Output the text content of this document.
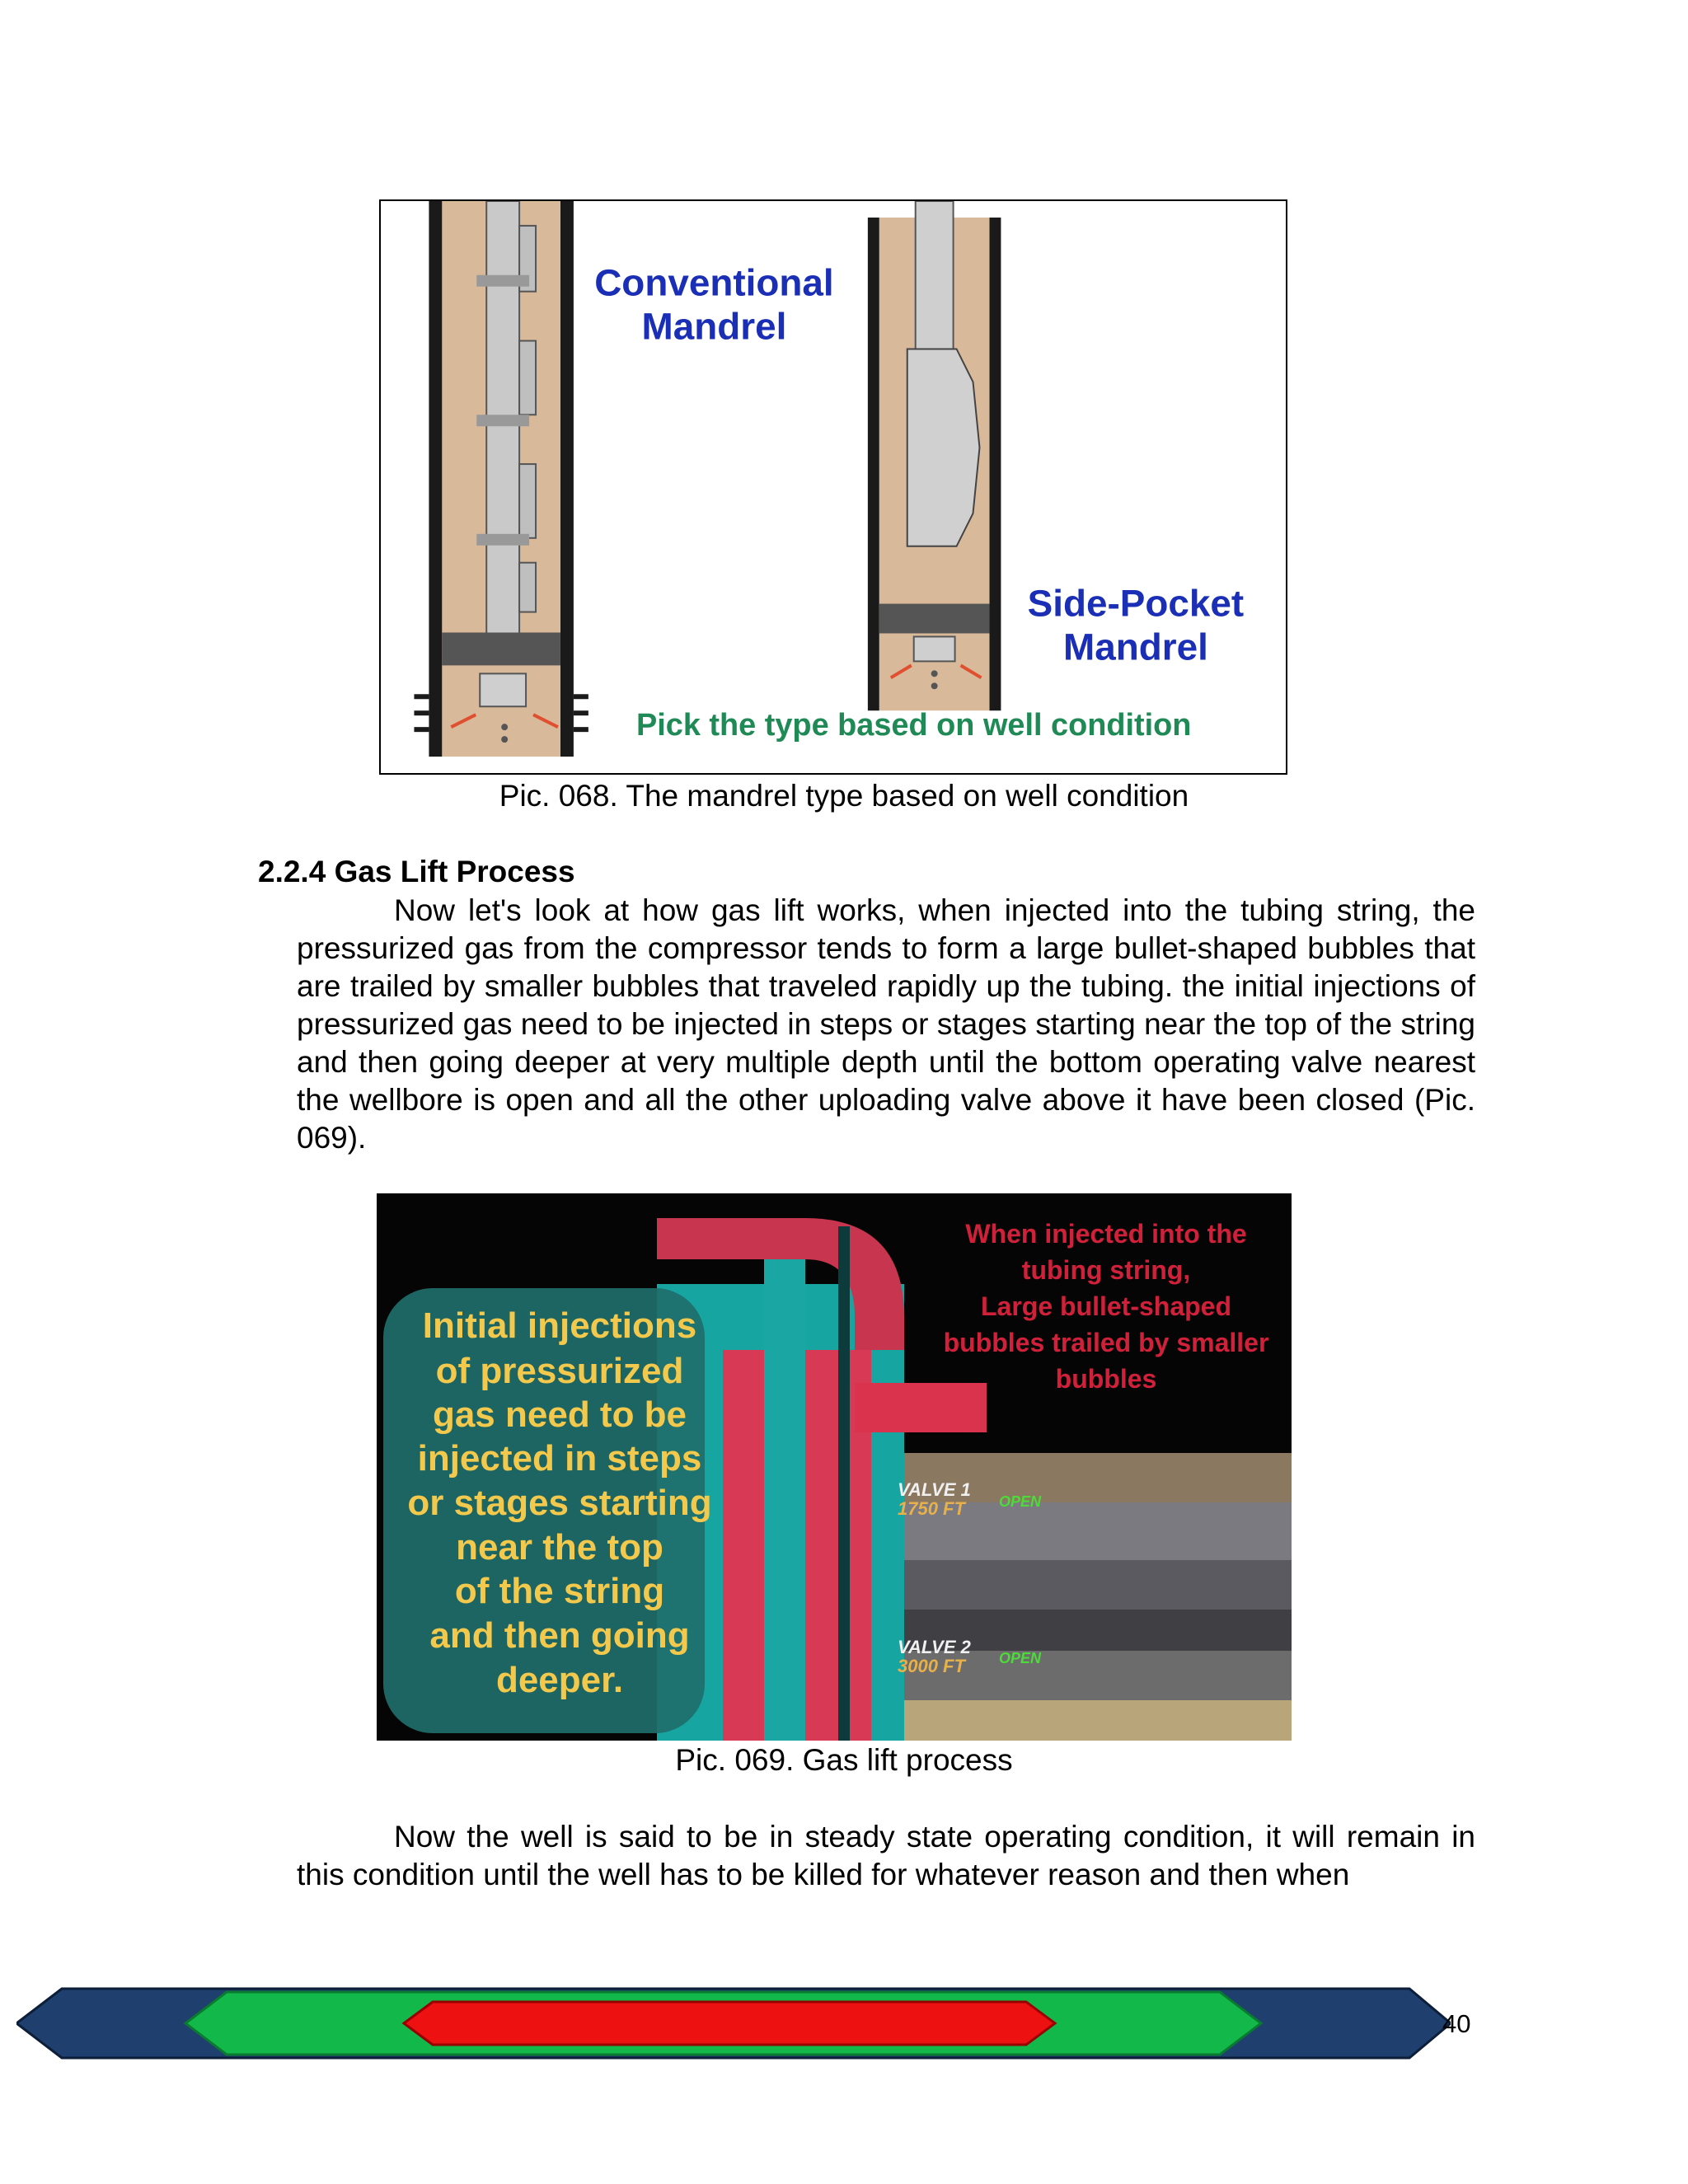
Conventional
Mandrel
Side-Pocket
Mandrel
Pick the type based on well condition
Pic. 068. The mandrel type based on well condition
2.2.4 Gas Lift Process

Now let's look at how gas lift works, when injected into the tubing string, the pressurized gas from the compressor tends to form a large bullet-shaped bubbles that are trailed by smaller bubbles that traveled rapidly up the tubing. the initial injections of pressurized gas need to be injected in steps or stages starting near the top of the string and then going deeper at very multiple depth until the bottom operating valve nearest the wellbore is open and all the other uploading valve above it have been closed (Pic. 069).

Initial injections
of pressurized
gas need to be
injected in steps
or stages starting
near the top
of the string
and then going
deeper.
When injected into the
tubing string,
Large bullet-shaped
bubbles trailed by smaller
bubbles
VALVE 1
1750 FT OPEN
VALVE 2
3000 FT OPEN
Pic. 069. Gas lift process

Now the well is said to be in steady state operating condition, it will remain in this condition until the well has to be killed for whatever reason and then when

40
